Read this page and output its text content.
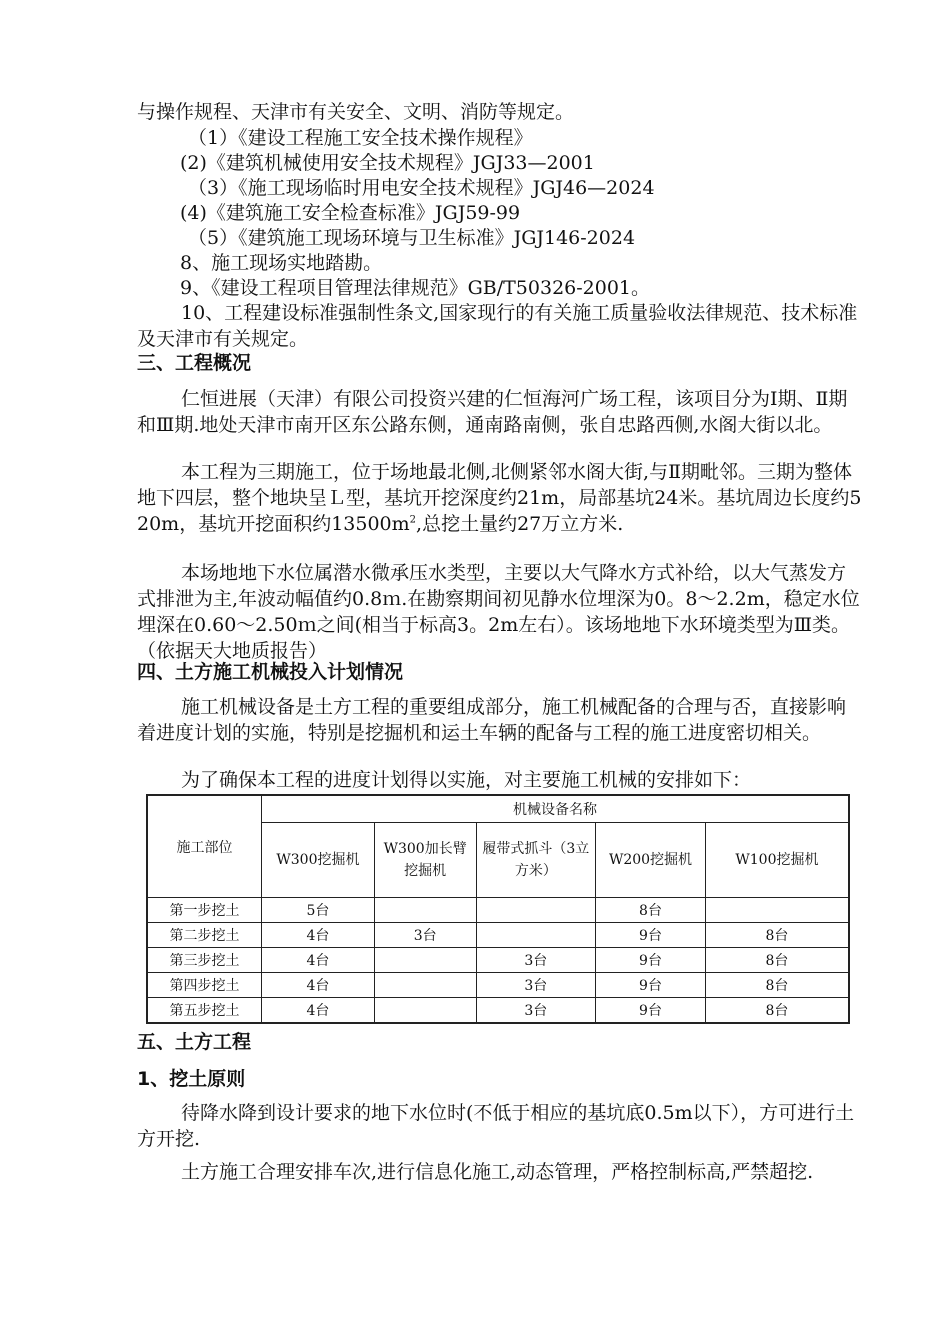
与操作规程、天津市有关安全、文明、消防等规定。
（1）《建设工程施工安全技术操作规程》
(2)《建筑机械使用安全技术规程》JGJ33—2001
（3）《施工现场临时用电安全技术规程》JGJ46—2024
(4)《建筑施工安全检查标准》JGJ59-99
（5）《建筑施工现场环境与卫生标准》JGJ146-2024
8、施工现场实地踏勘。
9、《建设工程项目管理法律规范》GB/T50326-2001。
10、工程建设标准强制性条文,国家现行的有关施工质量验收法律规范、技术标准及天津市有关规定。
三、工程概况
仁恒进展（天津）有限公司投资兴建的仁恒海河广场工程，该项目分为Ⅰ期、Ⅱ期和Ⅲ期.地处天津市南开区东公路东侧，通南路南侧，张自忠路西侧,水阁大街以北。
本工程为三期施工，位于场地最北侧,北侧紧邻水阁大街,与Ⅱ期毗邻。三期为整体地下四层，整个地块呈Ｌ型，基坑开挖深度约21m，局部基坑24米。基坑周边长度约520m，基坑开挖面积约$13500m^2$,总挖土量约27万立方米.
本场地地下水位属潜水微承压水类型，主要以大气降水方式补给，以大气蒸发方式排泄为主,年波动幅值约0.8ｍ.在勘察期间初见静水位埋深为0。8～2.2m，稳定水位埋深在0.60～2.50ｍ之间(相当于标高3。2m左右）。该场地地下水环境类型为Ⅲ类。（依据天大地质报告）
四、土方施工机械投入计划情况
施工机械设备是土方工程的重要组成部分，施工机械配备的合理与否，直接影响着进度计划的实施，特别是挖掘机和运土车辆的配备与工程的施工进度密切相关。
为了确保本工程的进度计划得以实施，对主要施工机械的安排如下：
施工部位	机械设备名称				
	W300挖掘机	W300加长臂挖掘机	履带式抓斗（3立方米）	W200挖掘机	W100挖掘机
第一步挖土	5台			8台	
第二步挖土	4台	3台		9台	8台
第三步挖土	4台		3台	9台	8台
第四步挖土	4台		3台	9台	8台
第五步挖土	4台		3台	9台	8台
五、土方工程
1、挖土原则
待降水降到设计要求的地下水位时(不低于相应的基坑底0.5m以下），方可进行土方开挖.
土方施工合理安排车次,进行信息化施工,动态管理，严格控制标高,严禁超挖.
